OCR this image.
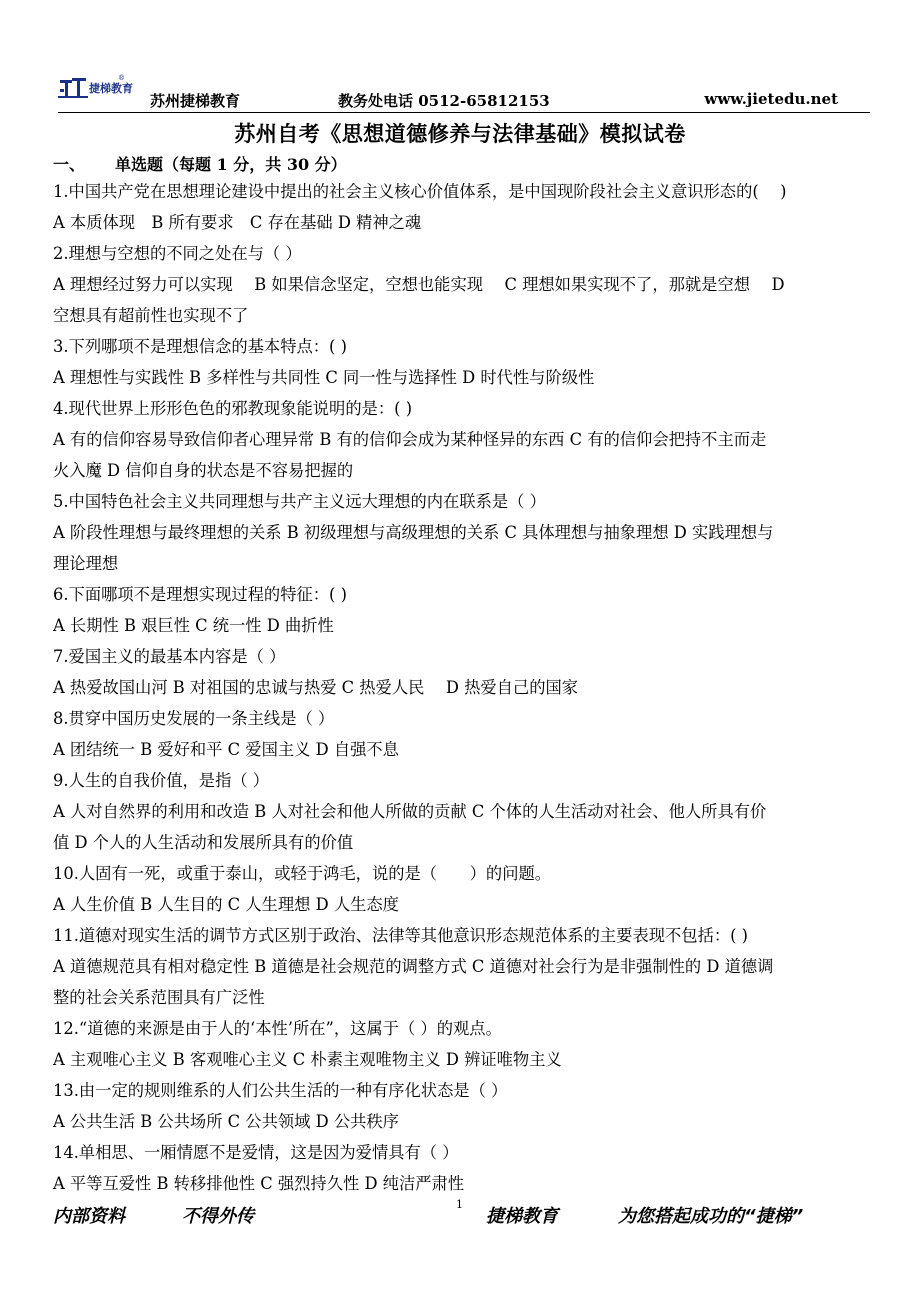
捷梯教育
®
苏州捷梯教育	教务处电话 0512-65812153	www.jietedu.net
苏州自考《思想道德修养与法律基础》模拟试卷
一、 单选题（每题 1 分，共 30 分）
1.中国共产党在思想理论建设中提出的社会主义核心价值体系，是中国现阶段社会主义意识形态的(　 )
A 本质体现　B 所有要求　C 存在基础 D 精神之魂
2.理想与空想的不同之处在与（ ）
A 理想经过努力可以实现　 B 如果信念坚定，空想也能实现　 C 理想如果实现不了，那就是空想　 D
空想具有超前性也实现不了
3.下列哪项不是理想信念的基本特点：( )
A 理想性与实践性 B 多样性与共同性 C 同一性与选择性 D 时代性与阶级性
4.现代世界上形形色色的邪教现象能说明的是：( )
A 有的信仰容易导致信仰者心理异常 B 有的信仰会成为某种怪异的东西 C 有的信仰会把持不主而走
火入魔 D 信仰自身的状态是不容易把握的
5.中国特色社会主义共同理想与共产主义远大理想的内在联系是（ ）
A 阶段性理想与最终理想的关系 B 初级理想与高级理想的关系 C 具体理想与抽象理想 D 实践理想与
理论理想
6.下面哪项不是理想实现过程的特征：( )
A 长期性 B 艰巨性 C 统一性 D 曲折性
7.爱国主义的最基本内容是（ ）
A 热爱故国山河 B 对祖国的忠诚与热爱 C 热爱人民　 D 热爱自己的国家
8.贯穿中国历史发展的一条主线是（ ）
A 团结统一 B 爱好和平 C 爱国主义 D 自强不息
9.人生的自我价值，是指（ ）
A 人对自然界的利用和改造 B 人对社会和他人所做的贡献 C 个体的人生活动对社会、他人所具有价
值 D 个人的人生活动和发展所具有的价值
10.人固有一死，或重于泰山，或轻于鸿毛，说的是（　　）的问题。
A 人生价值 B 人生目的 C 人生理想 D 人生态度
11.道德对现实生活的调节方式区别于政治、法律等其他意识形态规范体系的主要表现不包括：( )
A 道德规范具有相对稳定性 B 道德是社会规范的调整方式 C 道德对社会行为是非强制性的 D 道德调
整的社会关系范围具有广泛性
12.“道德的来源是由于人的‘本性’所在”，这属于（ ）的观点。
A 主观唯心主义 B 客观唯心主义 C 朴素主观唯物主义 D 辨证唯物主义
13.由一定的规则维系的人们公共生活的一种有序化状态是（ ）
A 公共生活 B 公共场所 C 公共领域 D 公共秩序
14.单相思、一厢情愿不是爱情，这是因为爱情具有（ ）
A 平等互爱性 B 转移排他性 C 强烈持久性 D 纯洁严肃性
内部资料	不得外传
1
捷梯教育	为您搭起成功的“捷梯”
